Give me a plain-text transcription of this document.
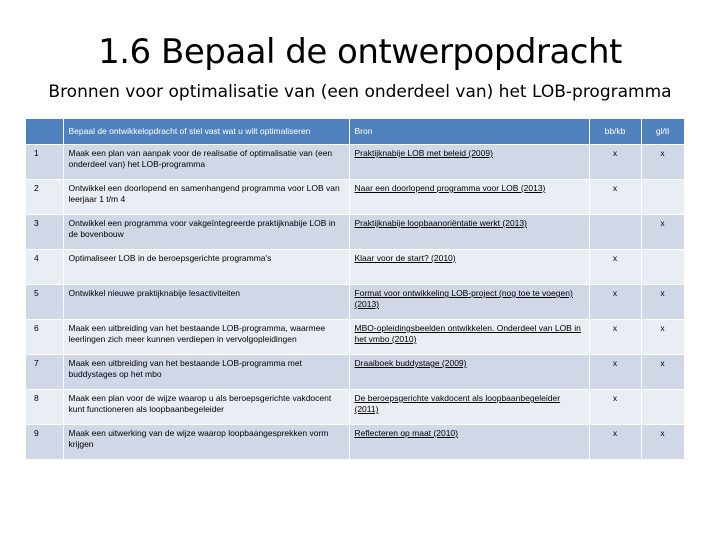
1.6 Bepaal de ontwerpopdracht
Bronnen voor optimalisatie van (een onderdeel van) het LOB-programma
	Bepaal de ontwikkelopdracht of stel vast wat u wilt optimaliseren	Bron	bb/kb	gl/tl
1	Maak een plan van aanpak voor de realisatie of optimalisatie van (een onderdeel van) het LOB-programma	Praktijknabije LOB met beleid (2009)	x	x
2	Ontwikkel een doorlopend en samenhangend programma voor LOB van leerjaar 1 t/m 4	Naar een doorlopend programma voor LOB (2013)	x	
3	Ontwikkel een programma voor vakgeïntegreerde praktijknabije LOB in de bovenbouw	Praktijknabije loopbaanoriëntatie werkt (2013)		x
4	Optimaliseer LOB in de beroepsgerichte programma's	Klaar voor de start? (2010)	x	
5	Ontwikkel nieuwe praktijknabije lesactiviteiten	Format voor ontwikkeling LOB-project (nog toe te voegen) (2013)	x	x
6	Maak een uitbreiding van het bestaande LOB-programma, waarmee leerlingen zich meer kunnen verdiepen in vervolgopleidingen	MBO-opleidingsbeelden ontwikkelen. Onderdeel van LOB in het vmbo (2010)	x	x
7	Maak een uitbreiding van het bestaande LOB-programma met buddystages op het mbo	Draaiboek buddystage (2009)	x	x
8	Maak een plan voor de wijze waarop u als beroepsgerichte vakdocent kunt functioneren als loopbaanbegeleider	De beroepsgerichte vakdocent als loopbaanbegeleider (2011)	x	
9	Maak een uitwerking van de wijze waarop loopbaangesprekken vorm krijgen	Reflecteren op maat (2010)	x	x
